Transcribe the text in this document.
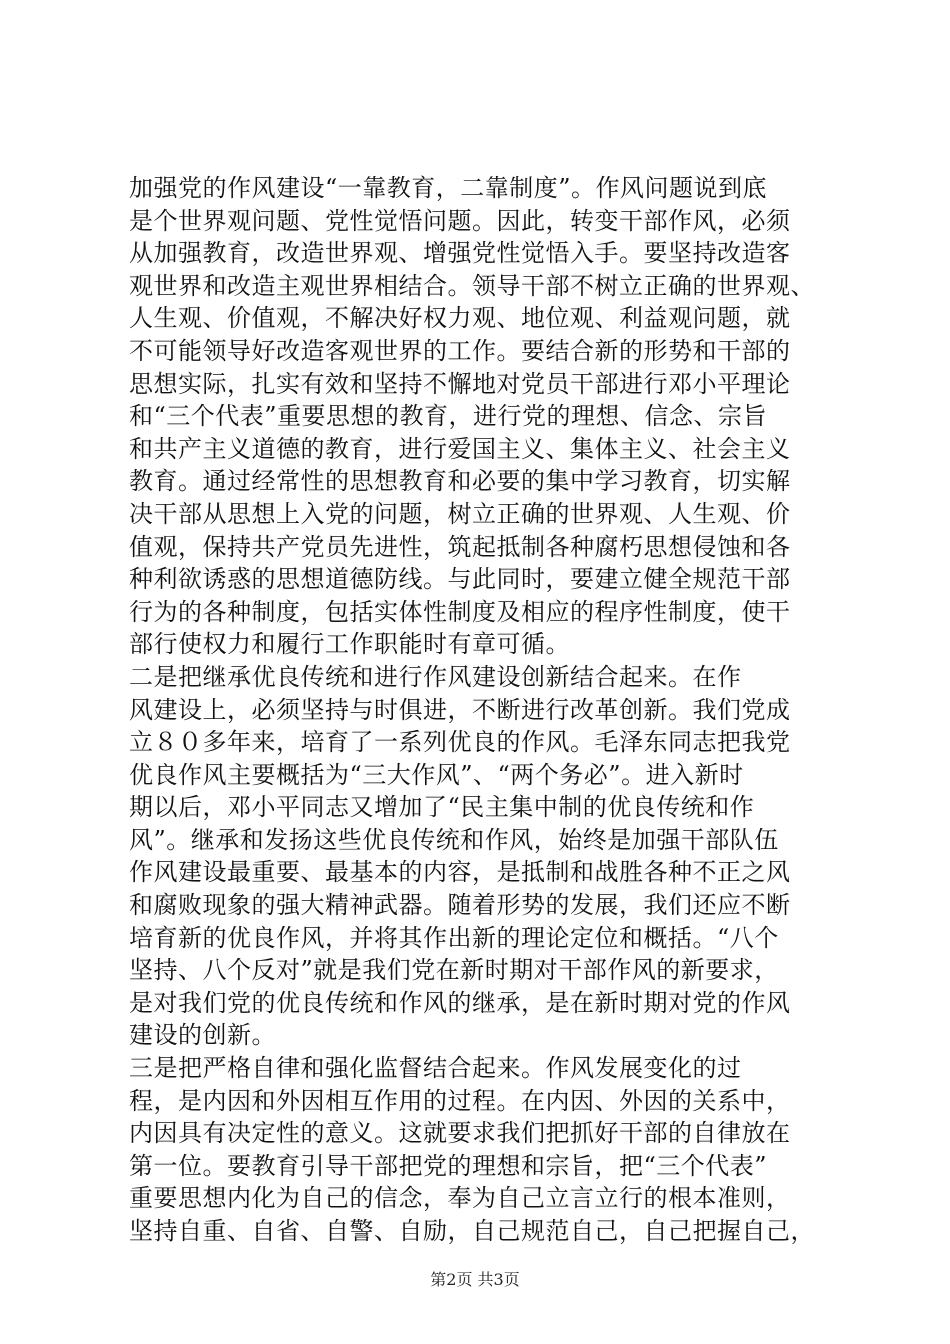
加强党的作风建设“一靠教育，二靠制度”。作风问题说到底
是个世界观问题、党性觉悟问题。因此，转变干部作风，必须
从加强教育，改造世界观、增强党性觉悟入手。要坚持改造客
观世界和改造主观世界相结合。领导干部不树立正确的世界观、
人生观、价值观，不解决好权力观、地位观、利益观问题，就
不可能领导好改造客观世界的工作。要结合新的形势和干部的
思想实际，扎实有效和坚持不懈地对党员干部进行邓小平理论
和“三个代表”重要思想的教育，进行党的理想、信念、宗旨
和共产主义道德的教育，进行爱国主义、集体主义、社会主义
教育。通过经常性的思想教育和必要的集中学习教育，切实解
决干部从思想上入党的问题，树立正确的世界观、人生观、价
值观，保持共产党员先进性，筑起抵制各种腐朽思想侵蚀和各
种利欲诱惑的思想道德防线。与此同时，要建立健全规范干部
行为的各种制度，包括实体性制度及相应的程序性制度，使干
部行使权力和履行工作职能时有章可循。
二是把继承优良传统和进行作风建设创新结合起来。在作
风建设上，必须坚持与时俱进，不断进行改革创新。我们党成
立８０多年来，培育了一系列优良的作风。毛泽东同志把我党
优良作风主要概括为“三大作风”、“两个务必”。进入新时
期以后，邓小平同志又增加了“民主集中制的优良传统和作
风”。继承和发扬这些优良传统和作风，始终是加强干部队伍
作风建设最重要、最基本的内容，是抵制和战胜各种不正之风
和腐败现象的强大精神武器。随着形势的发展，我们还应不断
培育新的优良作风，并将其作出新的理论定位和概括。“八个
坚持、八个反对”就是我们党在新时期对干部作风的新要求，
是对我们党的优良传统和作风的继承，是在新时期对党的作风
建设的创新。
三是把严格自律和强化监督结合起来。作风发展变化的过
程，是内因和外因相互作用的过程。在内因、外因的关系中，
内因具有决定性的意义。这就要求我们把抓好干部的自律放在
第一位。要教育引导干部把党的理想和宗旨，把“三个代表”
重要思想内化为自己的信念，奉为自己立言立行的根本准则，
坚持自重、自省、自警、自励，自己规范自己，自己把握自己，
第2页 共3页
